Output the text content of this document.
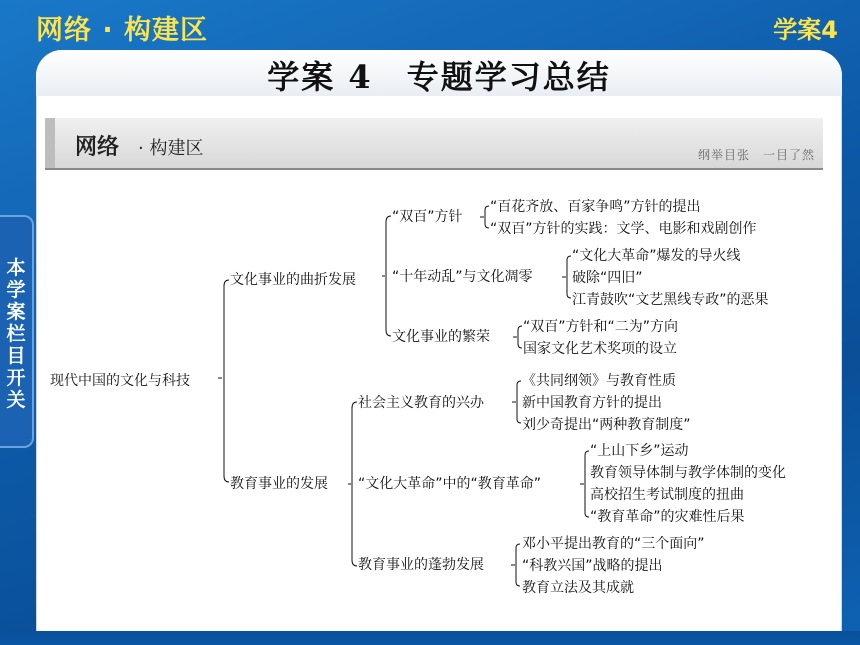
网络 · 构建区	学案4
学案 4　专题学习总结
网络 · 构建区	纲举目张　一目了然
本学案栏目开关
现代中国的文化与科技
文化事业的曲折发展
“双百”方针
“百花齐放、百家争鸣”方针的提出
“双百”方针的实践：文学、电影和戏剧创作
“十年动乱”与文化凋零
“文化大革命”爆发的导火线
破除“四旧”
江青鼓吹“文艺黑线专政”的恶果
文化事业的繁荣
“双百”方针和“二为”方向
国家文化艺术奖项的设立
教育事业的发展
社会主义教育的兴办
《共同纲领》与教育性质
新中国教育方针的提出
刘少奇提出“两种教育制度”
“文化大革命”中的“教育革命”
“上山下乡”运动
教育领导体制与教学体制的变化
高校招生考试制度的扭曲
“教育革命”的灾难性后果
教育事业的蓬勃发展
邓小平提出教育的“三个面向”
“科教兴国”战略的提出
教育立法及其成就
